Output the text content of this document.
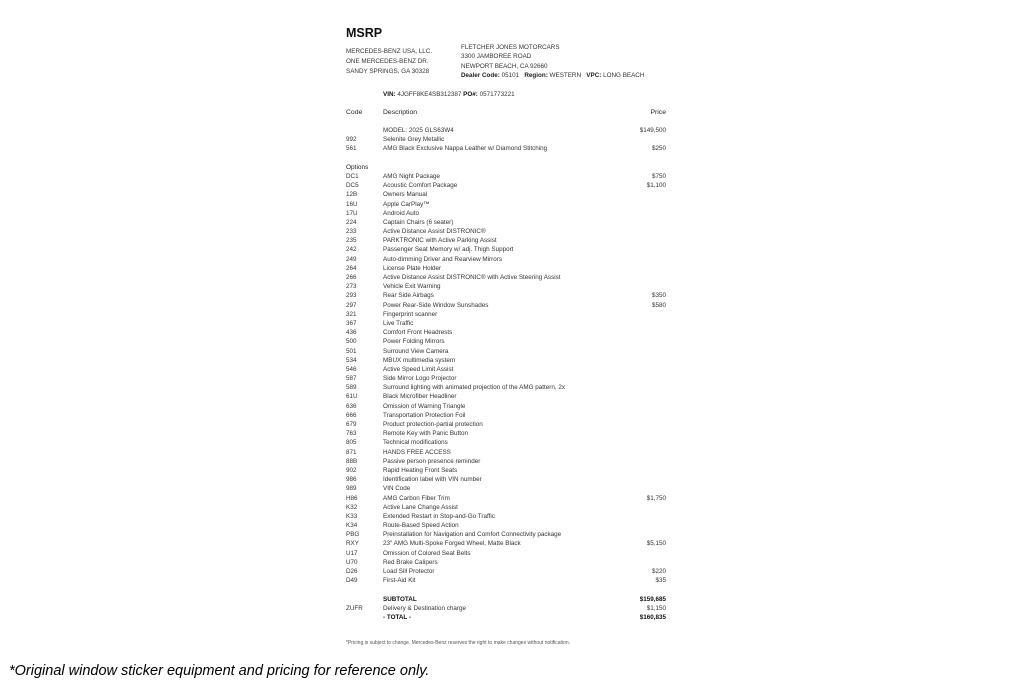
MSRP
MERCEDES-BENZ USA, LLC.
ONE MERCEDES-BENZ DR.
SANDY SPRINGS, GA 30328
FLETCHER JONES MOTORCARS
3300 JAMBOREE ROAD
NEWPORT BEACH, CA 92660
Dealer Code: 05101 Region: WESTERN VPC: LONG BEACH
VIN: 4JGFF8KE4SB312387 PO#: 0571773221
Code	Description	Price
MODEL: 2025 GLS63W4	$149,500
992	Selenite Grey Metallic
561	AMG Black Exclusive Nappa Leather w/ Diamond Stitching	$250
Options
DC1	AMG Night Package	$750
DC5	Acoustic Comfort Package	$1,100
12B	Owners Manual
16U	Apple CarPlay™
17U	Android Auto
224	Captain Chairs (6 seater)
233	Active Distance Assist DISTRONIC®
235	PARKTRONIC with Active Parking Assist
242	Passenger Seat Memory w/ adj. Thigh Support
249	Auto-dimming Driver and Rearview Mirrors
264	License Plate Holder
266	Active Distance Assist DISTRONIC® with Active Steering Assist
273	Vehicle Exit Warning
293	Rear Side Airbags	$350
297	Power Rear-Side Window Sunshades	$580
321	Fingerprint scanner
367	Live Traffic
436	Comfort Front Headrests
500	Power Folding Mirrors
501	Surround View Camera
534	MBUX multimedia system
546	Active Speed Limit Assist
587	Side Mirror Logo Projector
589	Surround lighting with animated projection of the AMG pattern, 2x
61U	Black Microfiber Headliner
636	Omission of Warning Triangle
666	Transportation Protection Foil
679	Product protection-partial protection
763	Remote Key with Panic Button
805	Technical modifications
871	HANDS FREE ACCESS
88B	Passive person presence reminder
902	Rapid Heating Front Seats
986	Identification label with VIN number
989	VIN Code
H86	AMG Carbon Fiber Trim	$1,750
K32	Active Lane Change Assist
K33	Extended Restart in Stop-and-Go Traffic
K34	Route-Based Speed Action
PBG	Preinstallation for Navigation and Comfort Connectivity package
RXY	23" AMG Multi-Spoke Forged Wheel, Matte Black	$5,150
U17	Omission of Colored Seat Belts
U70	Red Brake Calipers
D26	Load Sill Protector	$220
D49	First-Aid Kit	$35
SUBTOTAL	$159,685
ZUFR	Delivery & Destination charge	$1,150
- TOTAL -	$160,835
*Pricing is subject to change. Mercedes-Benz reserves the right to make changes without notification.
*Original window sticker equipment and pricing for reference only.
